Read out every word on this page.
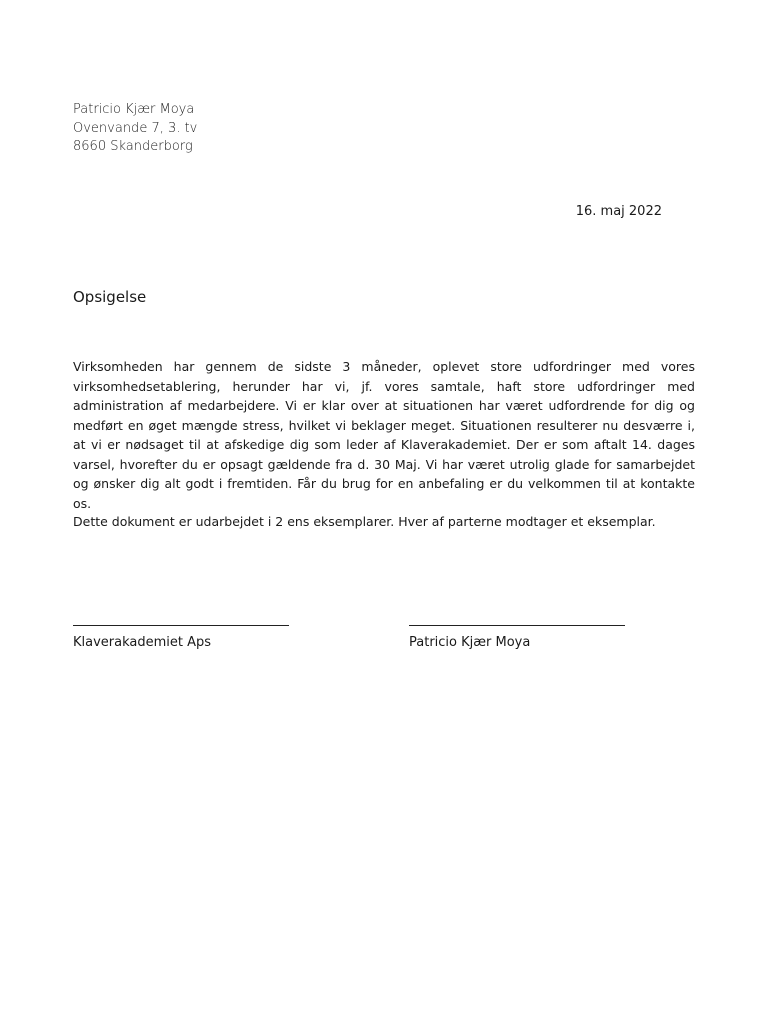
Patricio Kjær Moya
Ovenvande 7, 3. tv
8660 Skanderborg
16. maj 2022
Opsigelse

Virksomheden har gennem de sidste 3 måneder, oplevet store udfordringer med vores virksomhedsetablering, herunder har vi, jf. vores samtale, haft store udfordringer med administration af medarbejdere. Vi er klar over at situationen har været udfordrende for dig og medført en øget mængde stress, hvilket vi beklager meget. Situationen resulterer nu desværre i, at vi er nødsaget til at afskedige dig som leder af Klaverakademiet. Der er som aftalt 14. dages varsel, hvorefter du er opsagt gældende fra d. 30 Maj. Vi har været utrolig glade for samarbejdet og ønsker dig alt godt i fremtiden. Får du brug for en anbefaling er du velkommen til at kontakte os.

Dette dokument er udarbejdet i 2 ens eksemplarer. Hver af parterne modtager et eksemplar.

Klaverakademiet Aps	Patricio Kjær Moya
